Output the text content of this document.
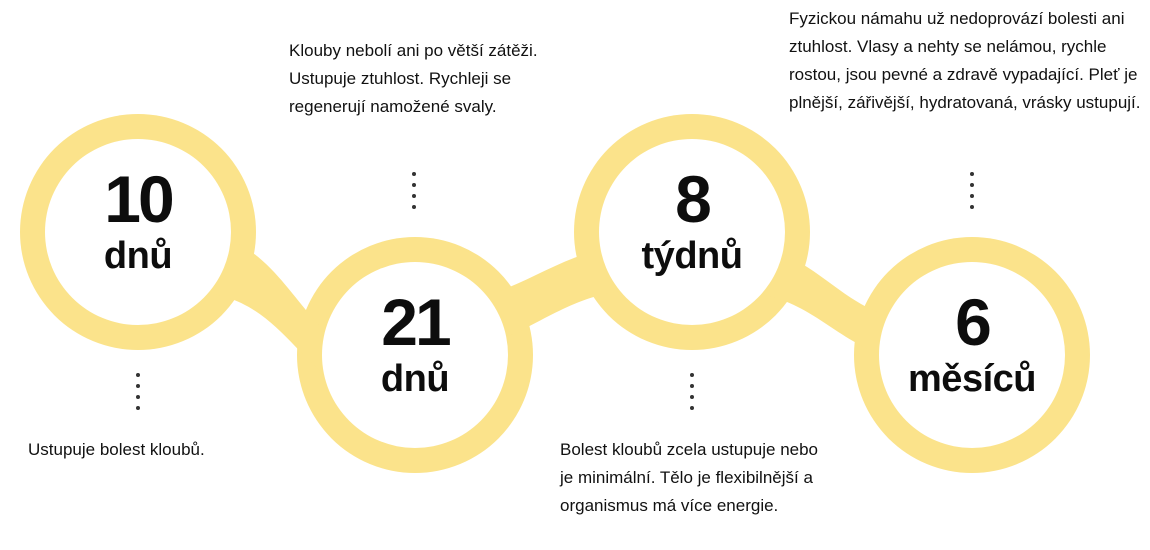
10
dnů
21
dnů
8
týdnů
6
měsíců

Ustupuje bolest kloubů.

Klouby nebolí ani po větší zátěži. Ustupuje ztuhlost. Rychleji se regenerují namožené svaly.

Bolest kloubů zcela ustupuje nebo je minimální. Tělo je flexibilnější a organismus má více energie.

Fyzickou námahu už nedoprovází bolesti ani ztuhlost. Vlasy a nehty se nelámou, rychle rostou, jsou pevné a zdravě vypadající. Pleť je plnější, zářivější, hydratovaná, vrásky ustupují.
